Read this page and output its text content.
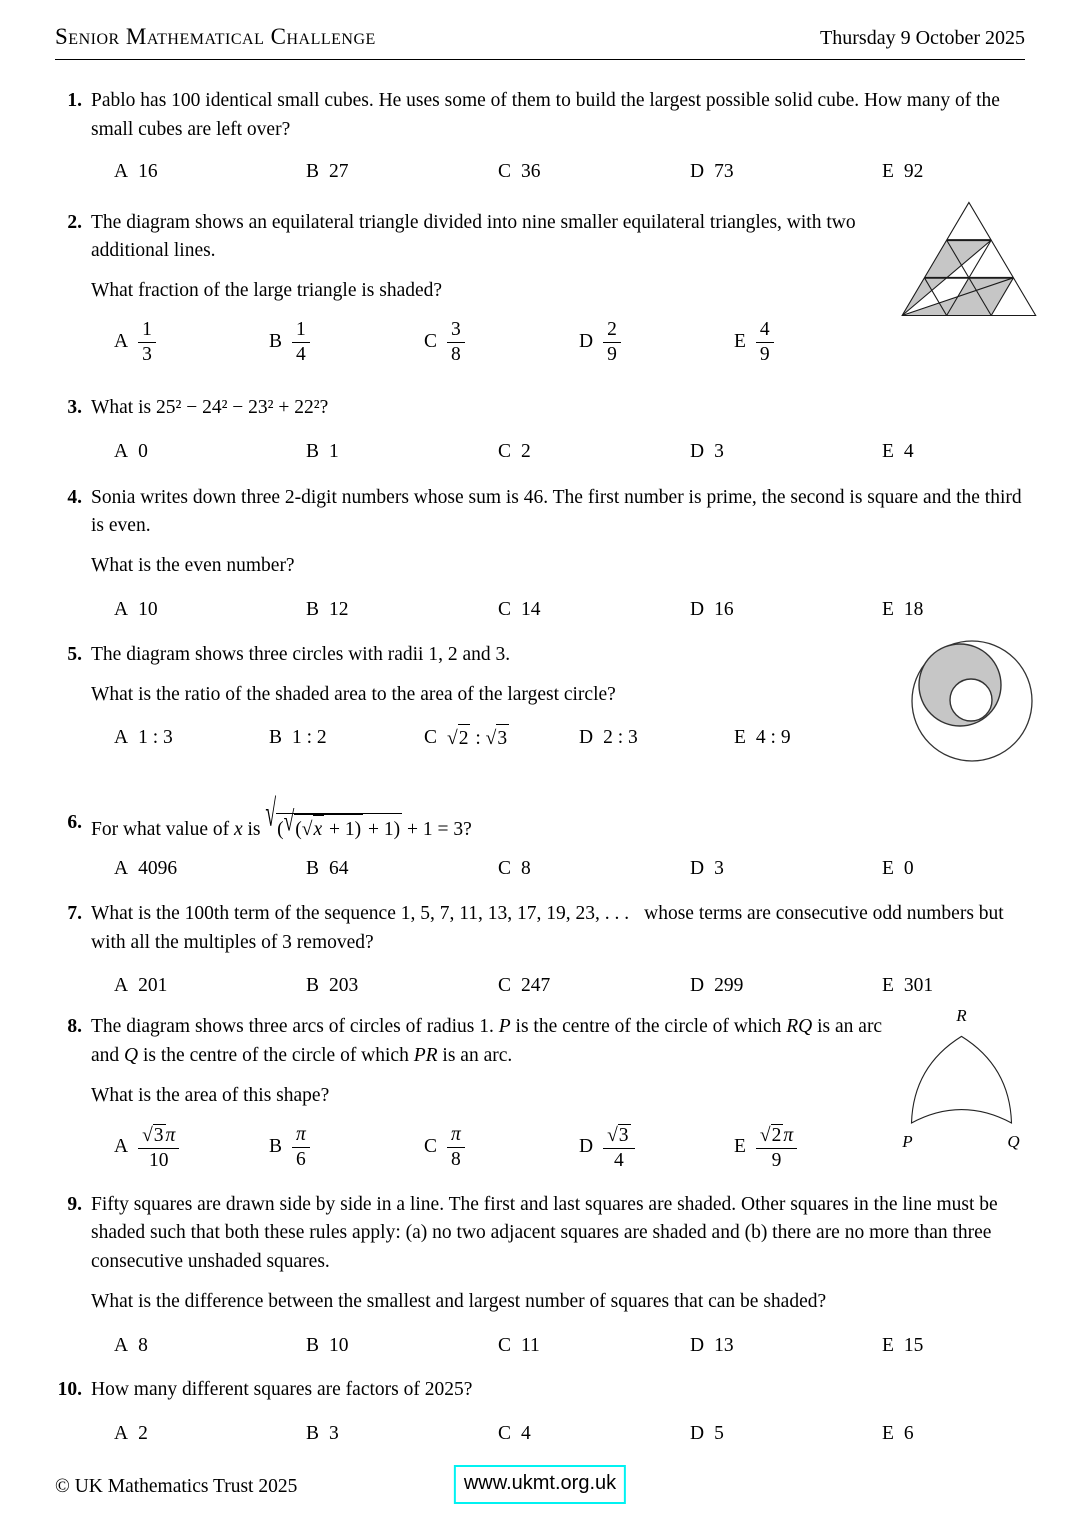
Senior Mathematical Challenge	Thursday 9 October 2025
1. Pablo has 100 identical small cubes. He uses some of them to build the largest possible solid cube. How many of the small cubes are left over?

A 16	B 27	C 36	D 73	E 92
2. The diagram shows an equilateral triangle divided into nine smaller equilateral triangles, with two additional lines.

What fraction of the large triangle is shaded?

A $\frac{1}{3}$	B $\frac{1}{4}$	C $\frac{3}{8}$	D $\frac{2}{9}$	E $\frac{4}{9}$
3. What is 25² − 24² − 23² + 22²?

A 0	B 1	C 2	D 3	E 4
4. Sonia writes down three 2-digit numbers whose sum is 46. The first number is prime, the second is square and the third is even.

What is the even number?

A 10	B 12	C 14	D 16	E 18
5. The diagram shows three circles with radii 1, 2 and 3.

What is the ratio of the shaded area to the area of the largest circle?

A 1 : 3	B 1 : 2	C	√ 2 : √ 3	D 2 : 3	E 4 : 9
6. For what value of x is √ ( √ ( √ x + 1) + 1) + 1 = 3?

A 4096	B 64	C 8	D 3	E 0
7. What is the 100th term of the sequence 1, 5, 7, 11, 13, 17, 19, 23, . . . whose terms are consecutive odd numbers but with all the multiples of 3 removed?

A 201	B 203	C 247	D 299	E 301
8. The diagram shows three arcs of circles of radius 1. P is the centre of the circle of which RQ is an arc and Q is the centre of the circle of which PR is an arc.

What is the area of this shape?

A √ $\frac{3 \pi}{10}$	B $\frac{\pi}{6}$	C $\frac{\pi}{8}$	D √ $\frac{3}{4}$	E √ $\frac{2 \pi}{9}$
R
P	Q
9. Fifty squares are drawn side by side in a line. The first and last squares are shaded. Other squares in the line must be shaded such that both these rules apply: (a) no two adjacent squares are shaded and (b) there are no more than three consecutive unshaded squares.

What is the difference between the smallest and largest number of squares that can be shaded?

A 8	B 10	C 11	D 13	E 15
10. How many different squares are factors of 2025?

A 2	B 3	C 4	D 5	E 6
© UK Mathematics Trust 2025	www.ukmt.org.uk
